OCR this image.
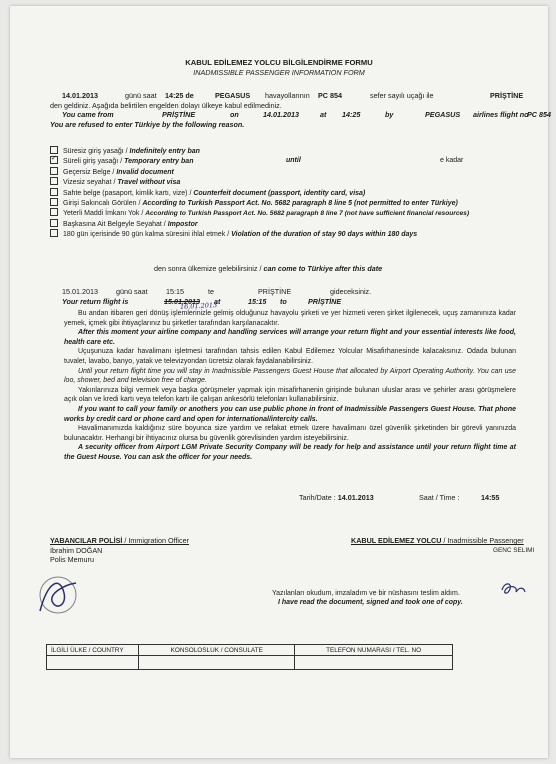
KABUL EDİLEMEZ YOLCU BİLGİLENDİRME FORMU
INADMISSIBLE PASSENGER INFORMATION FORM
14.01.2013	günü saat 14:25 de	PEGASUS havayollarının PC 854	sefer sayılı uçağı ile	PRİŞTİNE
den geldiniz. Aşağıda belirtilen engelden dolayı ülkeye kabul edilmediniz.
You came from	PRİŞTİNE	on	14.01.2013	at 14:25	by	PEGASUS airlines flight no
PC 854
You are refused to enter Türkiye by the following reason.
Süresiz giriş yasağı / Indefinitely entry ban
✓Süreli giriş yasağı / Temporary entry ban	until	e kadar
Geçersiz Belge / Invalid document
Vizesiz seyahat / Travel without visa
Sahte belge (pasaport, kimlik kartı, vize) / Counterfeit document (passport, identity card, visa)
Girişi Sakıncalı Görülen / According to Turkish Passport Act. No. 5682 paragraph 8 line 5 (not permitted to enter Türkiye)
Yeterli Maddi İmkanı Yok / According to Turkish Passport Act. No. 5682 paragraph 8 line 7 (not have sufficient financial resources)
Başkasına Ait Belgeyle Seyahat / Impostor
180 gün içerisinde 90 gün kalma süresini ihlal etmek / Violation of the duration of stay 90 days within 180 days
den sonra ülkemize gelebilirsiniz / can come to Türkiye after this date
15.01.2013	günü saat	15:15	te	PRİŞTİNE	gideceksiniz.
Your return flight is	15.01.2013 at	15:15 to	PRİŞTİNE
16.01.2013
Bu andan itibaren geri dönüş işlemlerinizle gelmiş olduğunuz havayolu şirketi ve yer hizmeti veren şirket ilgilenecek, uçuş zamanınıza kadar yemek, içmek gibi ihtiyaçlarınız bu şirketler tarafından karşılanacaktır.
After this moment your airline company and handling services will arrange your return flight and your essential interests like food, health care etc.
Uçuşunuza kadar havalimanı işletmesi tarafından tahsis edilen Kabul Edilemez Yolcular Misafirhanesinde kalacaksınız. Odada bulunan tuvalet, lavabo, banyo, yatak ve televizyondan ücretsiz olarak faydalanabilirsiniz.
Until your return flight time you will stay in Inadmissible Passengers Guest House that allocated by Airport Operating Authority. You can use loo, shower, bed and television free of charge.
Yakınlarınıza bilgi vermek veya başka görüşmeler yapmak için misafirhanenin girişinde bulunan uluslar arası ve şehirler arası görüşmelere açık olan ve kredi kartı veya telefon kartı ile çalışan ankesörlü telefonları kullanabilirsiniz.
If you want to call your family or anothers you can use public phone in front of Inadmissible Passengers Guest House. That phone works by credit card or phone card and open for international/intercity calls.
Havalimanımızda kaldığınız süre boyunca size yardım ve refakat etmek üzere havalimanı özel güvenlik şirketinden bir görevli yanınızda bulunacaktır. Herhangi bir ihtiyacınız olursa bu güvenlik görevlisinden yardım isteyebilirsiniz.
A security officer from Airport LGM Private Security Company will be ready for help and assistance until your return flight time at the Guest House. You can ask the officer for your needs.
Tarih/Date : 14.01.2013	Saat / Time :	14:55
YABANCILAR POLİSİ / Immigration Officer
İbrahim DOĞAN
Polis Memuru
KABUL EDİLEMEZ YOLCU / Inadmissible Passenger
GENC SELIMI
Yazılanları okudum, imzaladım ve bir nüshasını teslim aldım.
I have read the document, signed and took one of copy.
İLGİLİ ÜLKE / COUNTRY	KONSOLOSLUK / CONSULATE	TELEFON NUMARASI / TEL. NO
